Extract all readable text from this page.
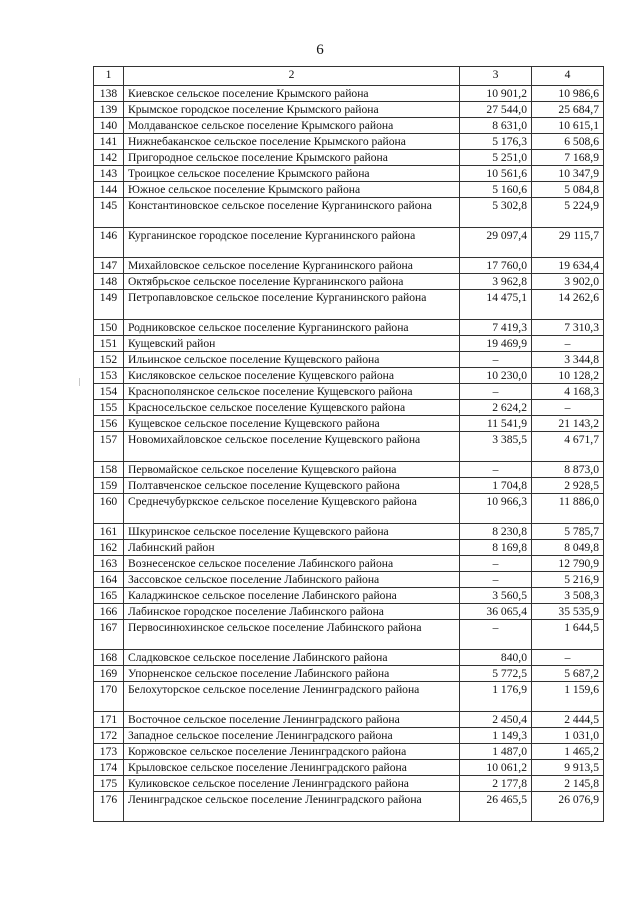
6
1	2	3	4
138	Киевское сельское поселение Крымского района	10 901,2	10 986,6
139	Крымское городское поселение Крымского района	27 544,0	25 684,7
140	Молдаванское сельское поселение Крымского района	8 631,0	10 615,1
141	Нижнебаканское сельское поселение Крымского района	5 176,3	6 508,6
142	Пригородное сельское поселение Крымского района	5 251,0	7 168,9
143	Троицкое сельское поселение Крымского района	10 561,6	10 347,9
144	Южное сельское поселение Крымского района	5 160,6	5 084,8
145	Константиновское сельское поселение Курганинского района	5 302,8	5 224,9
146	Курганинское городское поселение Курганинского района	29 097,4	29 115,7
147	Михайловское сельское поселение Курганинского района	17 760,0	19 634,4
148	Октябрьское сельское поселение Курганинского района	3 962,8	3 902,0
149	Петропавловское сельское поселение Курганинского района	14 475,1	14 262,6
150	Родниковское сельское поселение Курганинского района	7 419,3	7 310,3
151	Кущевский район	19 469,9	–
152	Ильинское сельское поселение Кущевского района	–	3 344,8
153	Кисляковское сельское поселение Кущевского района	10 230,0	10 128,2
154	Краснополянское сельское поселение Кущевского района	–	4 168,3
155	Красносельское сельское поселение Кущевского района	2 624,2	–
156	Кущевское сельское поселение Кущевского района	11 541,9	21 143,2
157	Новомихайловское сельское поселение Кущевского района	3 385,5	4 671,7
158	Первомайское сельское поселение Кущевского района	–	8 873,0
159	Полтавченское сельское поселение Кущевского района	1 704,8	2 928,5
160	Среднечубуркское сельское поселение Кущевского района	10 966,3	11 886,0
161	Шкуринское сельское поселение Кущевского района	8 230,8	5 785,7
162	Лабинский район	8 169,8	8 049,8
163	Вознесенское сельское поселение Лабинского района	–	12 790,9
164	Зассовское сельское поселение Лабинского района	–	5 216,9
165	Каладжинское сельское поселение Лабинского района	3 560,5	3 508,3
166	Лабинское городское поселение Лабинского района	36 065,4	35 535,9
167	Первосинюхинское сельское поселение Лабинского района	–	1 644,5
168	Сладковское сельское поселение Лабинского района	840,0	–
169	Упорненское сельское поселение Лабинского района	5 772,5	5 687,2
170	Белохуторское сельское поселение Ленинградского района	1 176,9	1 159,6
171	Восточное сельское поселение Ленинградского района	2 450,4	2 444,5
172	Западное сельское поселение Ленинградского района	1 149,3	1 031,0
173	Коржовское сельское поселение Ленинградского района	1 487,0	1 465,2
174	Крыловское сельское поселение Ленинградского района	10 061,2	9 913,5
175	Куликовское сельское поселение Ленинградского района	2 177,8	2 145,8
176	Ленинградское сельское поселение Ленинградского района	26 465,5	26 076,9
